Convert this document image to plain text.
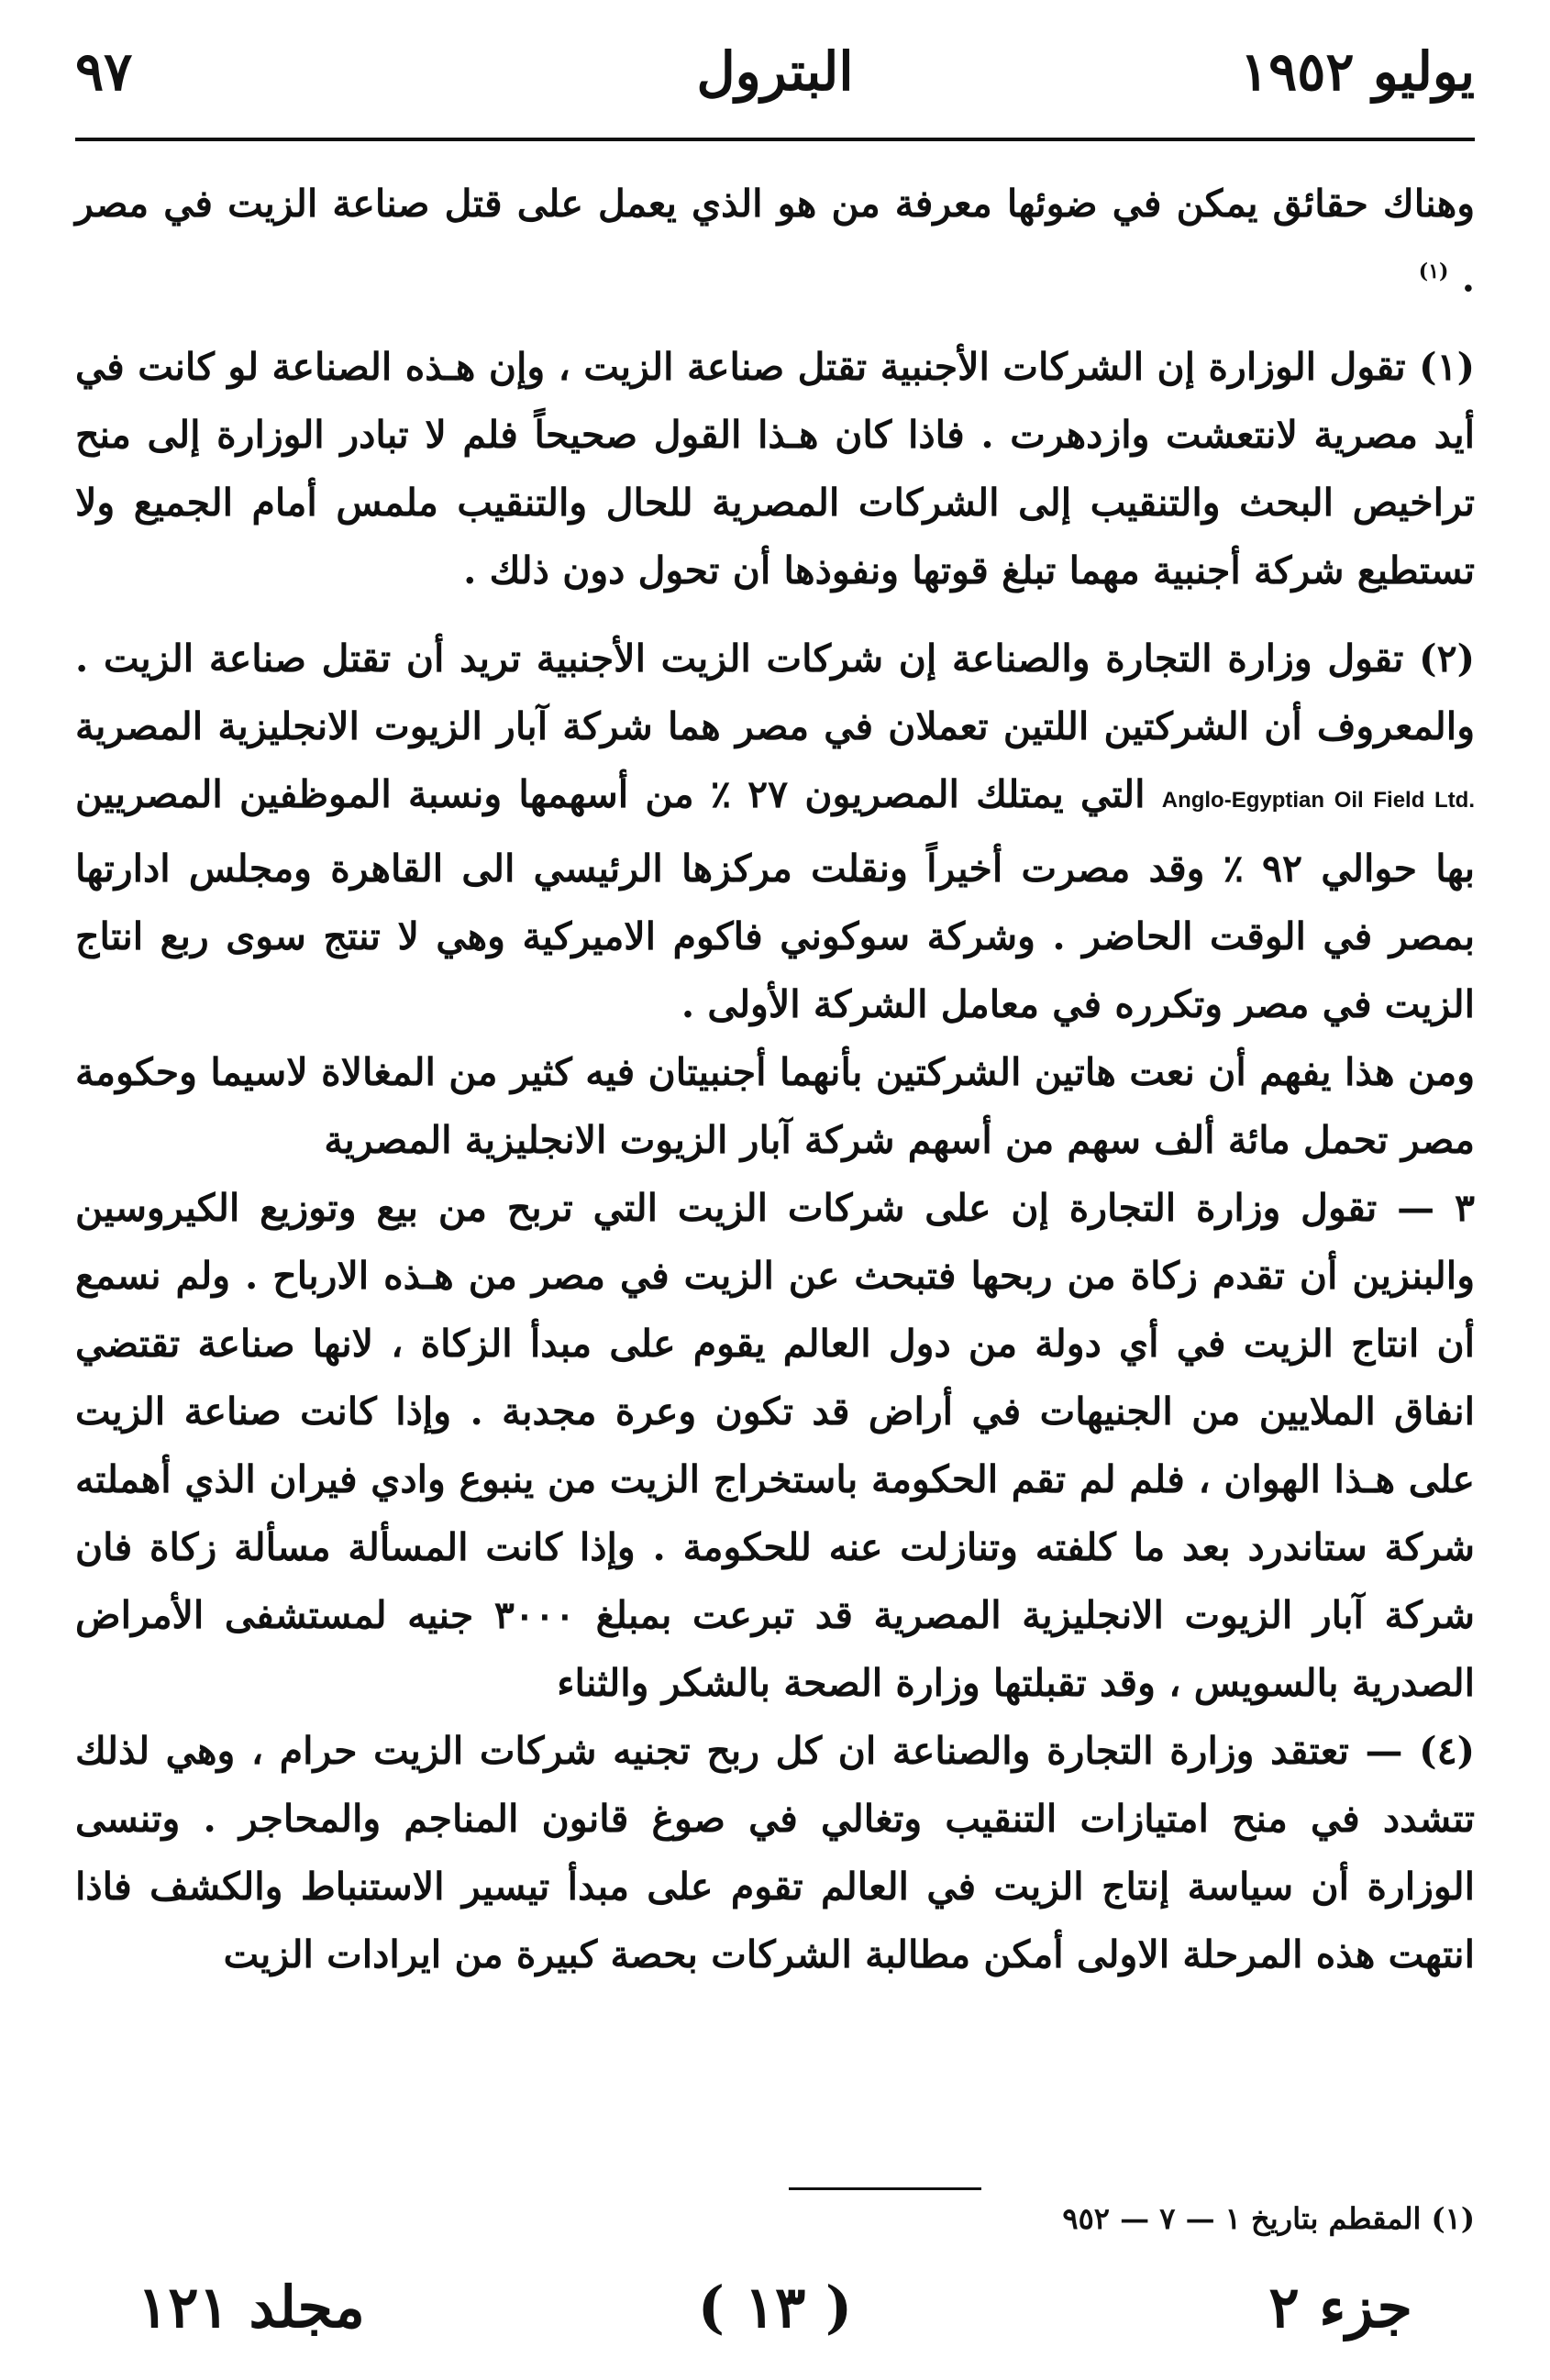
يوليو ١٩٥٢
البترول
٩٧

وهناك حقائق يمكن في ضوئها معرفة من هو الذي يعمل على قتل صناعة الزيت في مصر . $^{(١)}$

(١) تقول الوزارة إن الشركات الأجنبية تقتل صناعة الزيت ، وإن هـذه الصناعة لو كانت في أيد مصرية لانتعشت وازدهرت . فاذا كان هـذا القول صحيحاً فلم لا تبادر الوزارة إلى منح تراخيص البحث والتنقيب إلى الشركات المصرية للحال والتنقيب ملمس أمام الجميع ولا تستطيع شركة أجنبية مهما تبلغ قوتها ونفوذها أن تحول دون ذلك .

(٢) تقول وزارة التجارة والصناعة إن شركات الزيت الأجنبية تريد أن تقتل صناعة الزيت . والمعروف أن الشركتين اللتين تعملان في مصر هما شركة آبار الزيوت الانجليزية المصرية Anglo-Egyptian Oil Field Ltd. التي يمتلك المصريون ٢٧ ٪ من أسهمها ونسبة الموظفين المصريين بها حوالي ٩٢ ٪ وقد مصرت أخيراً ونقلت مركزها الرئيسي الى القاهرة ومجلس ادارتها بمصر في الوقت الحاضر . وشركة سوكوني فاكوم الاميركية وهي لا تنتج سوى ربع انتاج الزيت في مصر وتكرره في معامل الشركة الأولى .

ومن هذا يفهم أن نعت هاتين الشركتين بأنهما أجنبيتان فيه كثير من المغالاة لاسيما وحكومة مصر تحمل مائة ألف سهم من أسهم شركة آبار الزيوت الانجليزية المصرية

٣ — تقول وزارة التجارة إن على شركات الزيت التي تربح من بيع وتوزيع الكيروسين والبنزين أن تقدم زكاة من ربحها فتبحث عن الزيت في مصر من هـذه الارباح . ولم نسمع أن انتاج الزيت في أي دولة من دول العالم يقوم على مبدأ الزكاة ، لانها صناعة تقتضي انفاق الملايين من الجنيهات في أراض قد تكون وعرة مجدبة . وإذا كانت صناعة الزيت على هـذا الهوان ، فلم لم تقم الحكومة باستخراج الزيت من ينبوع وادي فيران الذي أهملته شركة ستاندرد بعد ما كلفته وتنازلت عنه للحكومة . وإذا كانت المسألة مسألة زكاة فان شركة آبار الزيوت الانجليزية المصرية قد تبرعت بمبلغ ٣٠٠٠ جنيه لمستشفى الأمراض الصدرية بالسويس ، وقد تقبلتها وزارة الصحة بالشكر والثناء

(٤) — تعتقد وزارة التجارة والصناعة ان كل ربح تجنيه شركات الزيت حرام ، وهي لذلك تتشدد في منح امتيازات التنقيب وتغالي في صوغ قانون المناجم والمحاجر . وتنسى الوزارة أن سياسة إنتاج الزيت في العالم تقوم على مبدأ تيسير الاستنباط والكشف فاذا انتهت هذه المرحلة الاولى أمكن مطالبة الشركات بحصة كبيرة من ايرادات الزيت

(١) المقطم بتاريخ ١ — ٧ — ٩٥٢
جزء ٢
( ١٣ )
مجلد ١٢١
